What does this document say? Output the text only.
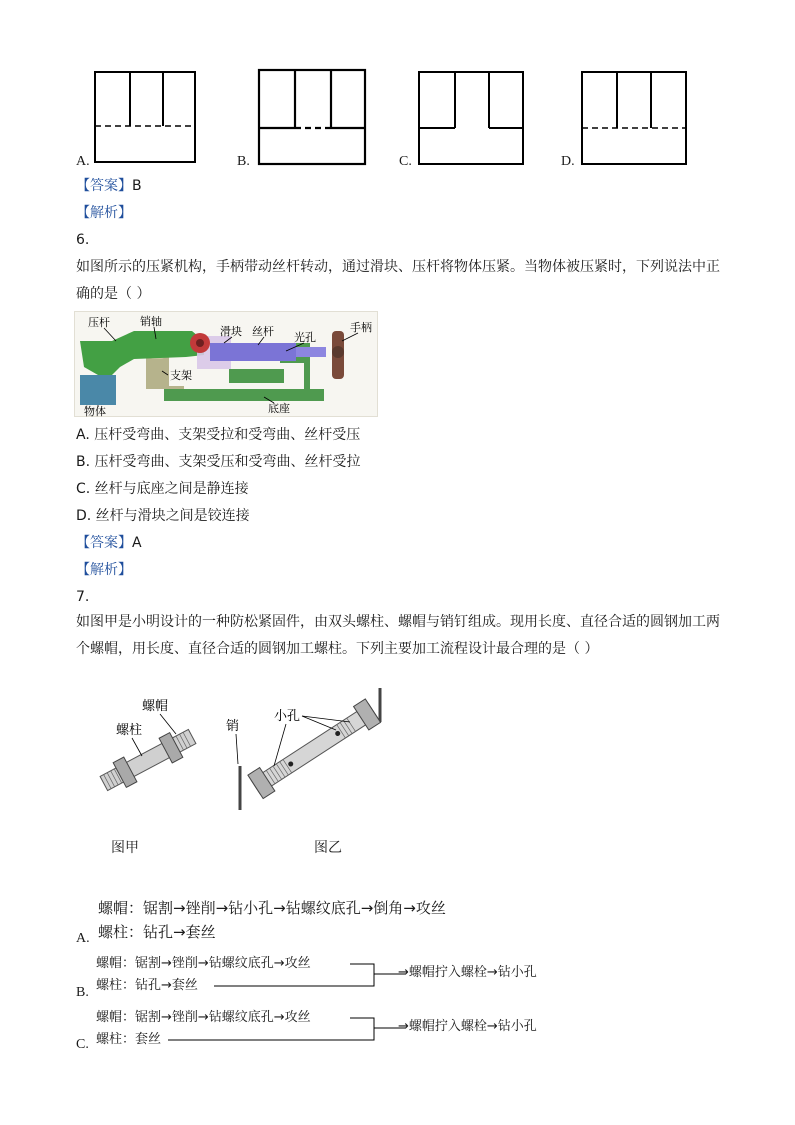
A.	B.	C.	D.
【答案】B
【解析】
6.
如图所示的压紧机构，手柄带动丝杆转动，通过滑块、压杆将物体压紧。当物体被压紧时，下列说法中正
确的是（ ）
压杆	销轴
滑块 丝杆 光孔
手柄
支架
物体	底座
A. 压杆受弯曲、支架受拉和受弯曲、丝杆受压
B. 压杆受弯曲、支架受压和受弯曲、丝杆受拉
C. 丝杆与底座之间是静连接
D. 丝杆与滑块之间是铰连接
【答案】A
【解析】
7.
如图甲是小明设计的一种防松紧固件，由双头螺柱、螺帽与销钉组成。现用长度、直径合适的圆钢加工两
个螺帽，用长度、直径合适的圆钢加工螺柱。下列主要加工流程设计最合理的是（ ）
螺帽
螺柱	销
小孔
图甲	图乙
螺帽：锯割→锉削→钻小孔→钻螺纹底孔→倒角→攻丝
螺柱：钻孔→套丝
A.
螺帽：锯割→锉削→钻螺纹底孔→攻丝
螺柱：钻孔→套丝
→螺帽拧入螺栓→钻小孔
B.
螺帽：锯割→锉削→钻螺纹底孔→攻丝
螺柱：套丝
→螺帽拧入螺栓→钻小孔
C.
